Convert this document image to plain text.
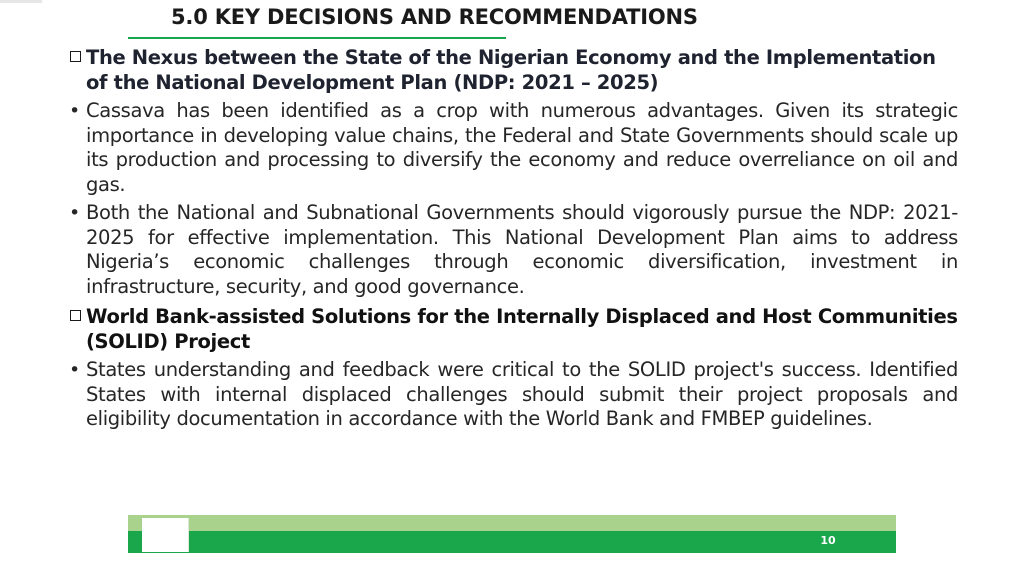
5.0 KEY DECISIONS AND RECOMMENDATIONS
The Nexus between the State of the Nigerian Economy and the Implementation of the National Development Plan (NDP: 2021 – 2025)
• Cassava has been identified as a crop with numerous advantages. Given its strategic importance in developing value chains, the Federal and State Governments should scale up its production and processing to diversify the economy and reduce overreliance on oil and gas.
• Both the National and Subnational Governments should vigorously pursue the NDP: 2021-2025 for effective implementation. This National Development Plan aims to address Nigeria’s economic challenges through economic diversification, investment in infrastructure, security, and good governance.
World Bank-assisted Solutions for the Internally Displaced and Host Communities (SOLID) Project
• States understanding and feedback were critical to the SOLID project's success. Identified States with internal displaced challenges should submit their project proposals and eligibility documentation in accordance with the World Bank and FMBEP guidelines.
10
